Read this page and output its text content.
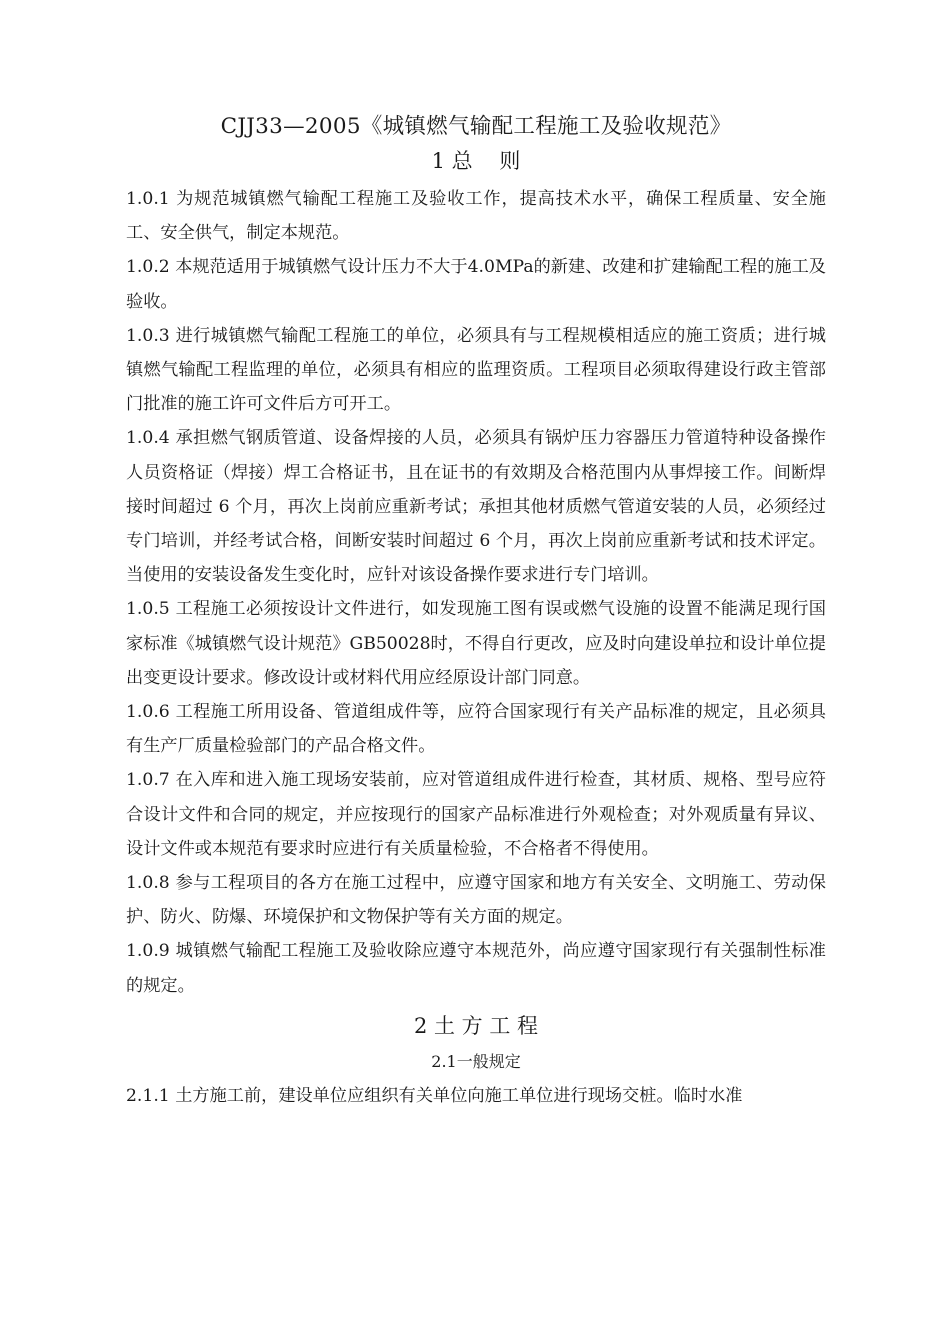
CJJ33—2005《城镇燃气输配工程施工及验收规范》
1 总    则

1.0.1 为规范城镇燃气输配工程施工及验收工作，提高技术水平，确保工程质量、安全施工、安全供气，制定本规范。

1.0.2 本规范适用于城镇燃气设计压力不大于4.0MPa的新建、改建和扩建输配工程的施工及验收。

1.0.3 进行城镇燃气输配工程施工的单位，必须具有与工程规模相适应的施工资质；进行城镇燃气输配工程监理的单位，必须具有相应的监理资质。工程项目必须取得建设行政主管部门批准的施工许可文件后方可开工。

1.0.4 承担燃气钢质管道、设备焊接的人员，必须具有锅炉压力容器压力管道特种设备操作人员资格证（焊接）焊工合格证书，且在证书的有效期及合格范围内从事焊接工作。间断焊接时间超过 6 个月，再次上岗前应重新考试；承担其他材质燃气管道安装的人员，必须经过专门培训，并经考试合格，间断安装时间超过 6 个月，再次上岗前应重新考试和技术评定。当使用的安装设备发生变化时，应针对该设备操作要求进行专门培训。

1.0.5 工程施工必须按设计文件进行，如发现施工图有误或燃气设施的设置不能满足现行国家标准《城镇燃气设计规范》GB50028时，不得自行更改，应及时向建设单拉和设计单位提出变更设计要求。修改设计或材料代用应经原设计部门同意。

1.0.6 工程施工所用设备、管道组成件等，应符合国家现行有关产品标准的规定，且必须具有生产厂质量检验部门的产品合格文件。

1.0.7 在入库和进入施工现场安装前，应对管道组成件进行检查，其材质、规格、型号应符合设计文件和合同的规定，并应按现行的国家产品标准进行外观检查；对外观质量有异议、设计文件或本规范有要求时应进行有关质量检验，不合格者不得使用。

1.0.8 参与工程项目的各方在施工过程中，应遵守国家和地方有关安全、文明施工、劳动保护、防火、防爆、环境保护和文物保护等有关方面的规定。

1.0.9 城镇燃气输配工程施工及验收除应遵守本规范外，尚应遵守国家现行有关强制性标准的规定。

2 土 方 工 程
2.1一般规定

2.1.1 土方施工前，建设单位应组织有关单位向施工单位进行现场交桩。临时水准
